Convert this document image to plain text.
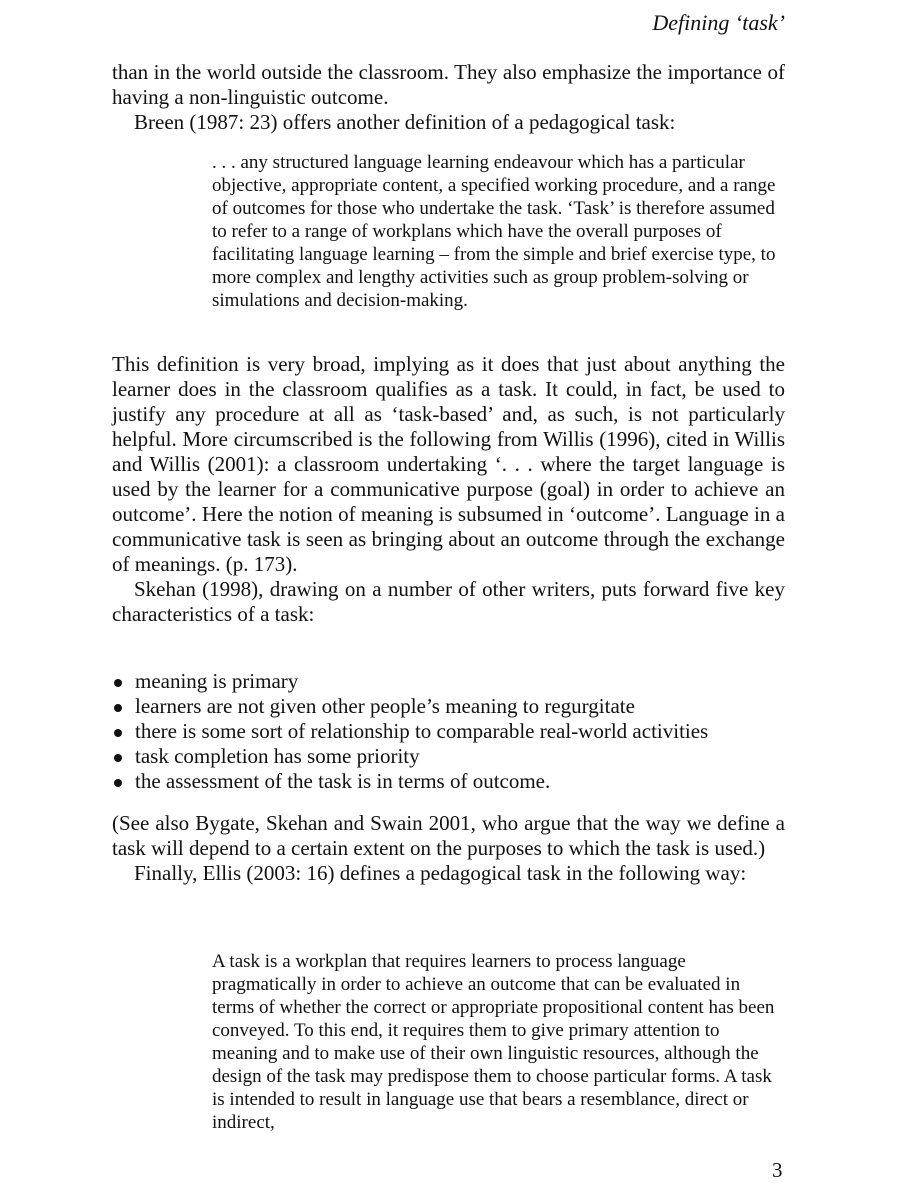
Defining ‘task’

than in the world outside the classroom. They also emphasize the importance of having a non-linguistic outcome.

Breen (1987: 23) offers another definition of a pedagogical task:

. . . any structured language learning endeavour which has a particular objective, appropriate content, a specified working procedure, and a range of outcomes for those who undertake the task. ‘Task’ is therefore assumed to refer to a range of workplans which have the overall purposes of facilitating language learning – from the simple and brief exercise type, to more complex and lengthy activities such as group problem-solving or simulations and decision-making.

This definition is very broad, implying as it does that just about anything the learner does in the classroom qualifies as a task. It could, in fact, be used to justify any procedure at all as ‘task-based’ and, as such, is not particularly helpful. More circumscribed is the following from Willis (1996), cited in Willis and Willis (2001): a classroom undertaking ‘. . . where the target language is used by the learner for a communicative purpose (goal) in order to achieve an outcome’. Here the notion of meaning is subsumed in ‘outcome’. Language in a communicative task is seen as bringing about an outcome through the exchange of meanings. (p. 173).

Skehan (1998), drawing on a number of other writers, puts forward five key characteristics of a task:

meaning is primary
learners are not given other people’s meaning to regurgitate
there is some sort of relationship to comparable real-world activities
task completion has some priority
the assessment of the task is in terms of outcome.

(See also Bygate, Skehan and Swain 2001, who argue that the way we define a task will depend to a certain extent on the purposes to which the task is used.)

Finally, Ellis (2003: 16) defines a pedagogical task in the following way:

A task is a workplan that requires learners to process language pragmatically in order to achieve an outcome that can be evaluated in terms of whether the correct or appropriate propositional content has been conveyed. To this end, it requires them to give primary attention to meaning and to make use of their own linguistic resources, although the design of the task may predispose them to choose particular forms. A task is intended to result in language use that bears a resemblance, direct or indirect,

3
